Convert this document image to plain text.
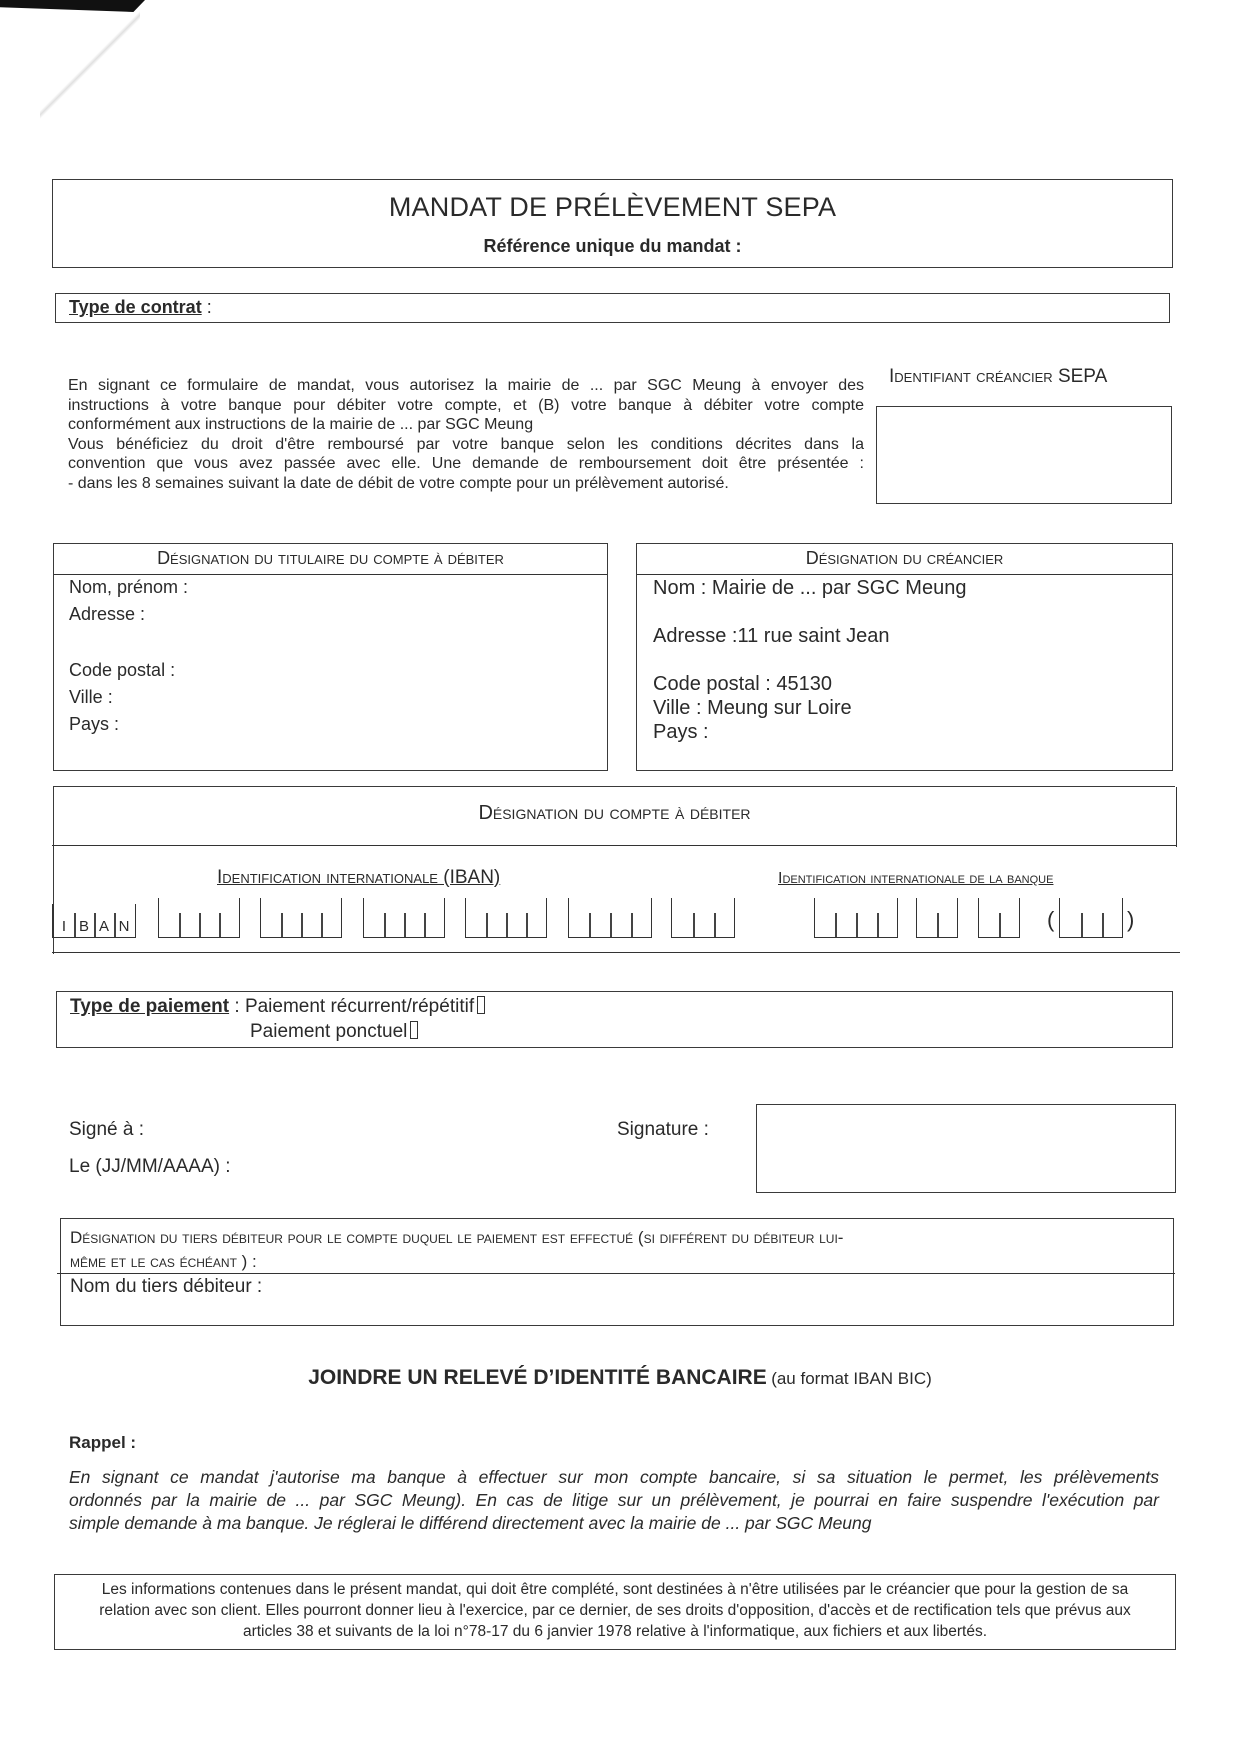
MANDAT DE PRÉLÈVEMENT SEPA
Référence unique du mandat :
Type de contrat :
En signant ce formulaire de mandat, vous autorisez la mairie de ... par SGC Meung à envoyer des
instructions à votre banque pour débiter votre compte, et (B) votre banque à débiter votre compte
conformément aux instructions de la mairie de ... par SGC Meung
Vous bénéficiez du droit d'être remboursé par votre banque selon les conditions décrites dans la
convention que vous avez passée avec elle. Une demande de remboursement doit être présentée :
- dans les 8 semaines suivant la date de débit de votre compte pour un prélèvement autorisé.
Identifiant créancier SEPA
Désignation du titulaire du compte à débiter
Nom, prénom :
Adresse :
Code postal :
Ville :
Pays :
Désignation du créancier
Nom : Mairie de ... par SGC Meung
Adresse :11 rue saint Jean
Code postal : 45130
Ville : Meung sur Loire
Pays :
Désignation du compte à débiter
Identification internationale (IBAN)	Identification internationale de la banque
I B A N	(	)
Type de paiement : Paiement récurrent/répétitif
Paiement ponctuel
Signé à :
Le (JJ/MM/AAAA) :
Signature :
Désignation du tiers débiteur pour le compte duquel le paiement est effectué (si différent du débiteur lui-
même et le cas échéant ) :
Nom du tiers débiteur :
JOINDRE UN RELEVÉ D’IDENTITÉ BANCAIRE (au format IBAN BIC)
Rappel :
En signant ce mandat j'autorise ma banque à effectuer sur mon compte bancaire, si sa situation le permet, les prélèvements
ordonnés par la mairie de ... par SGC Meung). En cas de litige sur un prélèvement, je pourrai en faire suspendre l'exécution par
simple demande à ma banque. Je réglerai le différend directement avec la mairie de ... par SGC Meung
Les informations contenues dans le présent mandat, qui doit être complété, sont destinées à n'être utilisées par le créancier que pour la gestion de sa
relation avec son client. Elles pourront donner lieu à l'exercice, par ce dernier, de ses droits d'opposition, d'accès et de rectification tels que prévus aux
articles 38 et suivants de la loi n°78-17 du 6 janvier 1978 relative à l'informatique, aux fichiers et aux libertés.
